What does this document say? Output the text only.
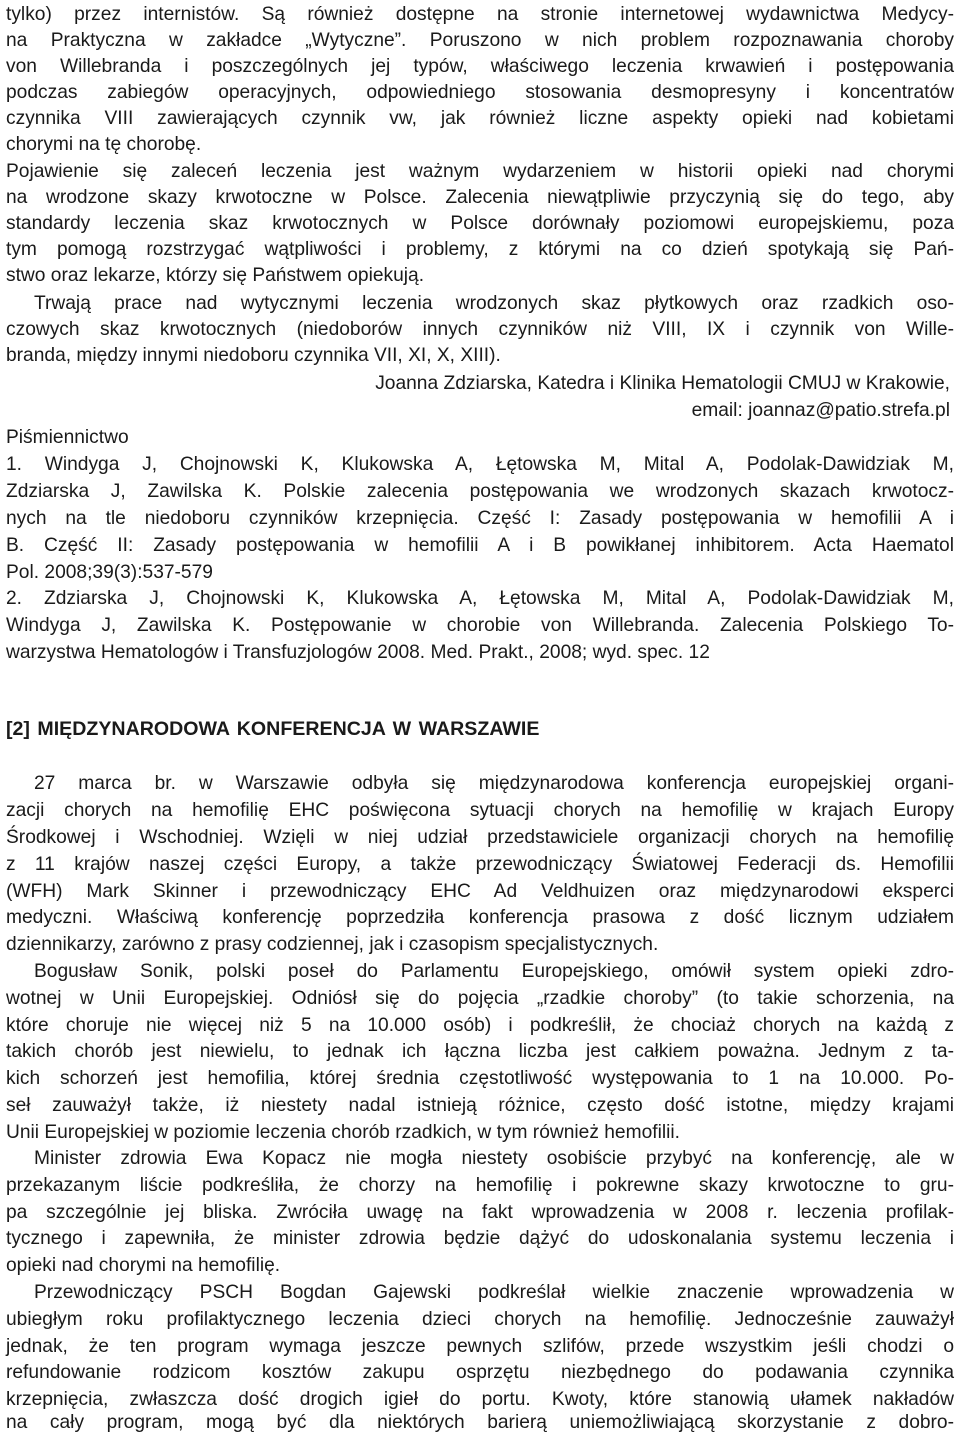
tylko) przez internistów. Są również dostępne na stronie internetowej wydawnictwa Medycy-
na Praktyczna w zakładce „Wytyczne”. Poruszono w nich problem rozpoznawania choroby
von Willebranda i poszczególnych jej typów, właściwego leczenia krwawień i postępowania
podczas zabiegów operacyjnych, odpowiedniego stosowania desmopresyny i koncentratów
czynnika VIII zawierających czynnik vw, jak również liczne aspekty opieki nad kobietami
chorymi na tę chorobę.
Pojawienie się zaleceń leczenia jest ważnym wydarzeniem w historii opieki nad chorymi
na wrodzone skazy krwotoczne w Polsce. Zalecenia niewątpliwie przyczynią się do tego, aby
standardy leczenia skaz krwotocznych w Polsce dorównały poziomowi europejskiemu, poza
tym pomogą rozstrzygać wątpliwości i problemy, z którymi na co dzień spotykają się Pań-
stwo oraz lekarze, którzy się Państwem opiekują.
Trwają prace nad wytycznymi leczenia wrodzonych skaz płytkowych oraz rzadkich oso-
czowych skaz krwotocznych (niedoborów innych czynników niż VIII, IX i czynnik von Wille-
branda, między innymi niedoboru czynnika VII, XI, X, XIII).
Joanna Zdziarska, Katedra i Klinika Hematologii CMUJ w Krakowie,
email: joannaz@patio.strefa.pl
Piśmiennictwo
1. Windyga J, Chojnowski K, Klukowska A, Łętowska M, Mital A, Podolak-Dawidziak M,
Zdziarska J, Zawilska K. Polskie zalecenia postępowania we wrodzonych skazach krwotocz-
nych na tle niedoboru czynników krzepnięcia. Część I: Zasady postępowania w hemofilii A i
B. Część II: Zasady postępowania w hemofilii A i B powikłanej inhibitorem. Acta Haematol
Pol. 2008;39(3):537-579
2. Zdziarska J, Chojnowski K, Klukowska A, Łętowska M, Mital A, Podolak-Dawidziak M,
Windyga J, Zawilska K. Postępowanie w chorobie von Willebranda. Zalecenia Polskiego To-
warzystwa Hematologów i Transfuzjologów 2008. Med. Prakt., 2008; wyd. spec. 12
[2] MIĘDZYNARODOWA KONFERENCJA W WARSZAWIE
27 marca br. w Warszawie odbyła się międzynarodowa konferencja europejskiej organi-
zacji chorych na hemofilię EHC poświęcona sytuacji chorych na hemofilię w krajach Europy
Środkowej i Wschodniej. Wzięli w niej udział przedstawiciele organizacji chorych na hemofilię
z 11 krajów naszej części Europy, a także przewodniczący Światowej Federacji ds. Hemofilii
(WFH) Mark Skinner i przewodniczący EHC Ad Veldhuizen oraz międzynarodowi eksperci
medyczni. Właściwą konferencję poprzedziła konferencja prasowa z dość licznym udziałem
dziennikarzy, zarówno z prasy codziennej, jak i czasopism specjalistycznych.
Bogusław Sonik, polski poseł do Parlamentu Europejskiego, omówił system opieki zdro-
wotnej w Unii Europejskiej. Odniósł się do pojęcia „rzadkie choroby” (to takie schorzenia, na
które choruje nie więcej niż 5 na 10.000 osób) i podkreślił, że chociaż chorych na każdą z
takich chorób jest niewielu, to jednak ich łączna liczba jest całkiem poważna. Jednym z ta-
kich schorzeń jest hemofilia, której średnia częstotliwość występowania to 1 na 10.000. Po-
seł zauważył także, iż niestety nadal istnieją różnice, często dość istotne, między krajami
Unii Europejskiej w poziomie leczenia chorób rzadkich, w tym również hemofilii.
Minister zdrowia Ewa Kopacz nie mogła niestety osobiście przybyć na konferencję, ale w
przekazanym liście podkreśliła, że chorzy na hemofilię i pokrewne skazy krwotoczne to gru-
pa szczególnie jej bliska. Zwróciła uwagę na fakt wprowadzenia w 2008 r. leczenia profilak-
tycznego i zapewniła, że minister zdrowia będzie dążyć do udoskonalania systemu leczenia i
opieki nad chorymi na hemofilię.
Przewodniczący PSCH Bogdan Gajewski podkreślał wielkie znaczenie wprowadzenia w
ubiegłym roku profilaktycznego leczenia dzieci chorych na hemofilię. Jednocześnie zauważył
jednak, że ten program wymaga jeszcze pewnych szlifów, przede wszystkim jeśli chodzi o
refundowanie rodzicom kosztów zakupu osprzętu niezbędnego do podawania czynnika
krzepnięcia, zwłaszcza dość drogich igieł do portu. Kwoty, które stanowią ułamek nakładów
na cały program, mogą być dla niektórych barierą uniemożliwiającą skorzystanie z dobro-
